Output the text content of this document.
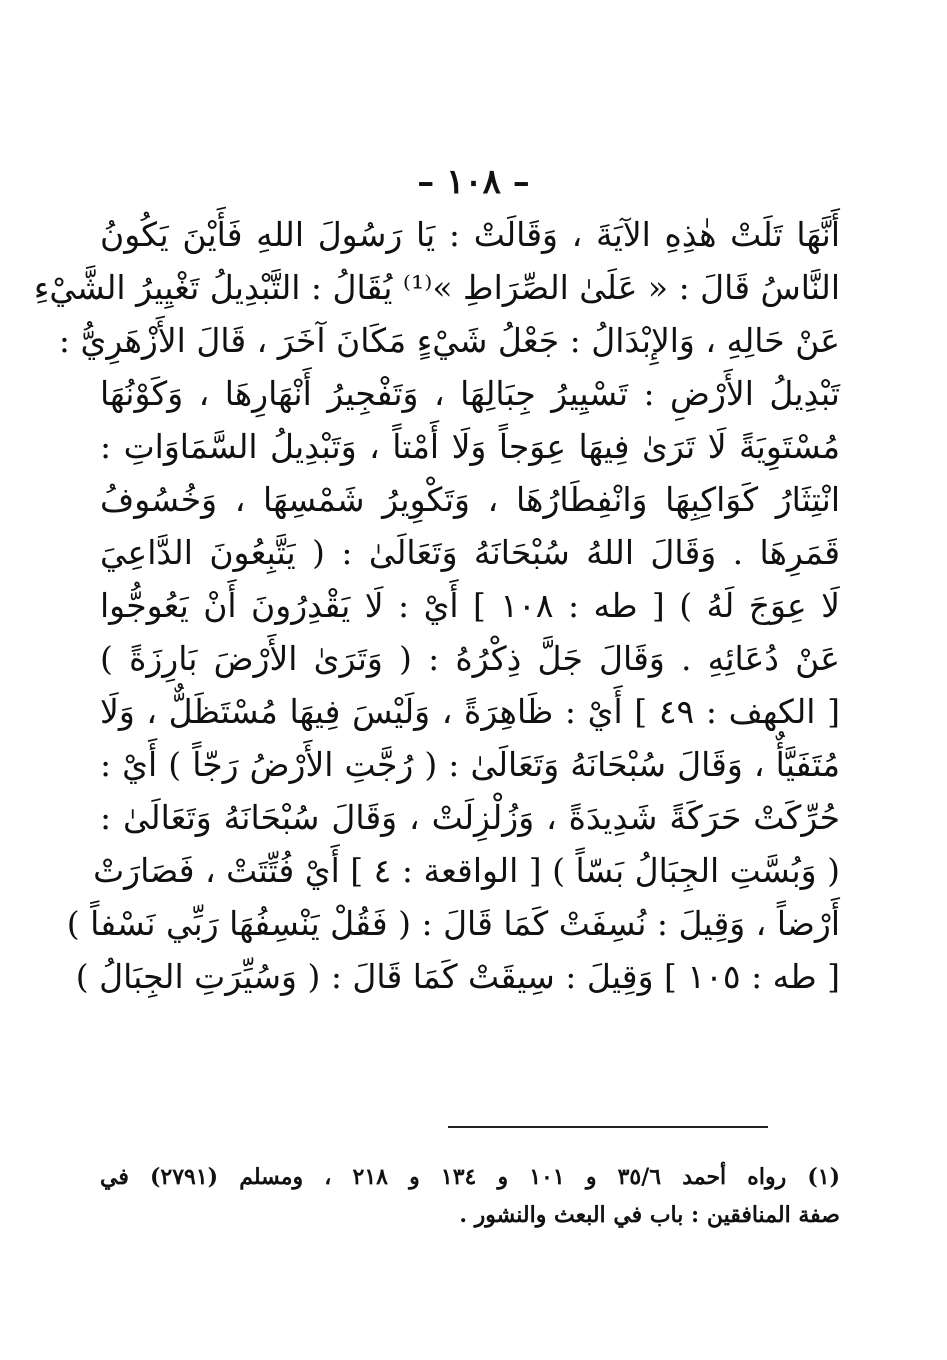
– ١٠٨ –
أَنَّهَا تَلَتْ هٰذِهِ الآيَةَ ، وَقَالَتْ : يَا رَسُولَ اللهِ فَأَيْنَ يَكُونُ
النَّاسُ قَالَ : « عَلَىٰ الصِّرَاطِ »⁽¹⁾ يُقَالُ : التَّبْدِيلُ تَغْيِيرُ الشَّيْءِ
عَنْ حَالِهِ ، وَالإِبْدَالُ : جَعْلُ شَيْءٍ مَكَانَ آخَرَ ، قَالَ الأَزْهَرِيُّ :
تَبْدِيلُ الأَرْضِ : تَسْيِيرُ جِبَالِهَا ، وَتَفْجِيرُ أَنْهَارِهَا ، وَكَوْنُهَا
مُسْتَوِيَةً لَا تَرَىٰ فِيهَا عِوَجاً وَلَا أَمْتاً ، وَتَبْدِيلُ السَّمَاوَاتِ :
انْتِثَارُ كَوَاكِبِهَا وَانْفِطَارُهَا ، وَتَكْوِيرُ شَمْسِهَا ، وَخُسُوفُ
قَمَرِهَا . وَقَالَ اللهُ سُبْحَانَهُ وَتَعَالَىٰ : ( يَتَّبِعُونَ الدَّاعِيَ
لَا عِوَجَ لَهُ ) [ طه : ١٠٨ ] أَيْ : لَا يَقْدِرُونَ أَنْ يَعُوجُّوا
عَنْ دُعَائِهِ . وَقَالَ جَلَّ ذِكْرُهُ : ( وَتَرَىٰ الأَرْضَ بَارِزَةً )
[ الكهف : ٤٩ ] أَيْ : ظَاهِرَةً ، وَلَيْسَ فِيهَا مُسْتَظَلٌّ ، وَلَا
مُتَفَيَّأٌ ، وَقَالَ سُبْحَانَهُ وَتَعَالَىٰ : ( رُجَّتِ الأَرْضُ رَجّاً ) أَيْ :
حُرِّكَتْ حَرَكَةً شَدِيدَةً ، وَزُلْزِلَتْ ، وَقَالَ سُبْحَانَهُ وَتَعَالَىٰ :
( وَبُسَّتِ الجِبَالُ بَسّاً ) [ الواقعة : ٤ ] أَيْ فُتِّتَتْ ، فَصَارَتْ
أَرْضاً ، وَقِيلَ : نُسِفَتْ كَمَا قَالَ : ( فَقُلْ يَنْسِفُهَا رَبِّي نَسْفاً )
[ طه : ١٠٥ ] وَقِيلَ : سِيقَتْ كَمَا قَالَ : ( وَسُيِّرَتِ الجِبَالُ )
(١) رواه أحمد ٣٥/٦ و ١٠١ و ١٣٤ و ٢١٨ ، ومسلم (٢٧٩١) في
صفة المنافقين : باب في البعث والنشور .
